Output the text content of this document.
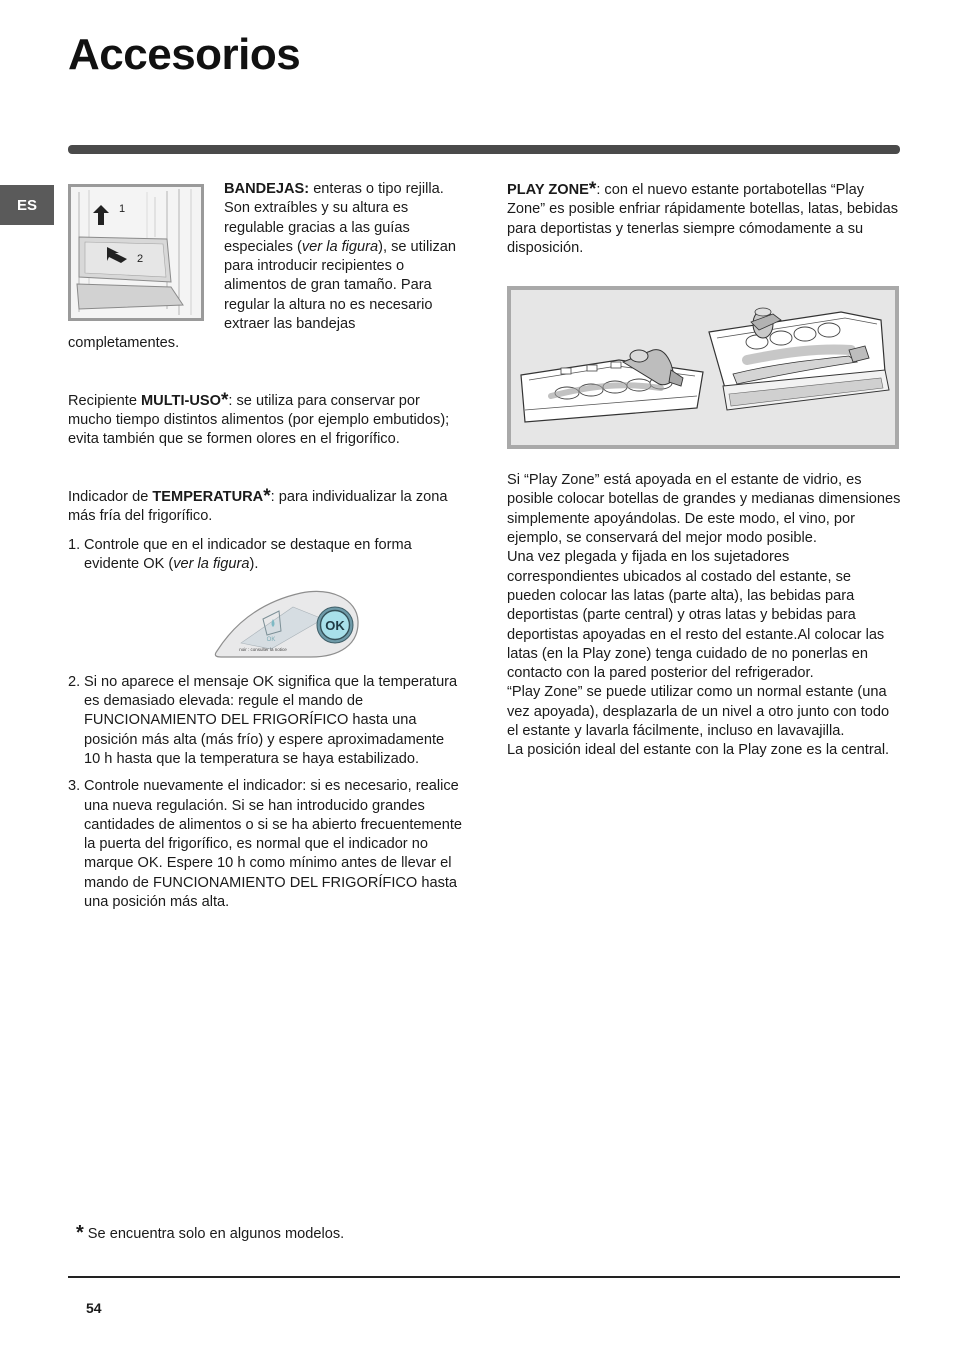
Accesorios
ES	1
2

BANDEJAS: enteras o tipo rejilla. Son extraíbles y su altura es regulable gracias a las guías especiales (ver la figura), se utilizan para introducir recipientes o alimentos de gran tamaño. Para regular la altura no es necesario extraer las bandejas completamentes.

Recipiente MULTI-USO*: se utiliza para conservar por mucho tiempo distintos alimentos (por ejemplo embutidos); evita también que se formen olores en el frigorífico.

Indicador de TEMPERATURA*: para individualizar la zona más fría del frigorífico.

1. Controle que en el indicador se destaque en forma evidente OK (ver la figura).
OK
OK
noir : consulter la notice
2. Si no aparece el mensaje OK significa que la temperatura es demasiado elevada: regule el mando de FUNCIONAMIENTO DEL FRIGORÍFICO hasta una posición más alta (más frío) y espere aproximadamente 10 h hasta que la temperatura se haya estabilizado.
3. Controle nuevamente el indicador: si es necesario, realice una nueva regulación. Si se han introducido grandes cantidades de alimentos o si se ha abierto frecuentemente la puerta del frigorífico, es normal que el indicador no marque OK. Espere 10 h como mínimo antes de llevar el mando de FUNCIONAMIENTO DEL FRIGORÍFICO hasta una posición más alta.

PLAY ZONE*: con el nuevo estante portabotellas “Play Zone” es posible enfriar rápidamente botellas, latas, bebidas para deportistas y tenerlas siempre cómodamente a su disposición.

Si “Play Zone” está apoyada en el estante de vidrio, es posible colocar botellas de grandes y medianas dimensiones simplemente apoyándolas. De este modo, el vino, por ejemplo, se conservará del mejor modo posible.

Una vez plegada y fijada en los sujetadores correspondientes ubicados al costado del estante, se pueden colocar las latas (parte alta), las bebidas para deportistas (parte central) y otras latas y bebidas para deportistas apoyadas en el resto del estante.Al colocar las latas (en la Play zone) tenga cuidado de no ponerlas en contacto con la pared posterior del refrigerador.

“Play Zone” se puede utilizar como un normal estante (una vez apoyada), desplazarla de un nivel a otro junto con todo el estante y lavarla fácilmente, incluso en lavavajilla.

La posición ideal del estante con la Play zone es la central.

* Se encuentra solo en algunos modelos.
54
